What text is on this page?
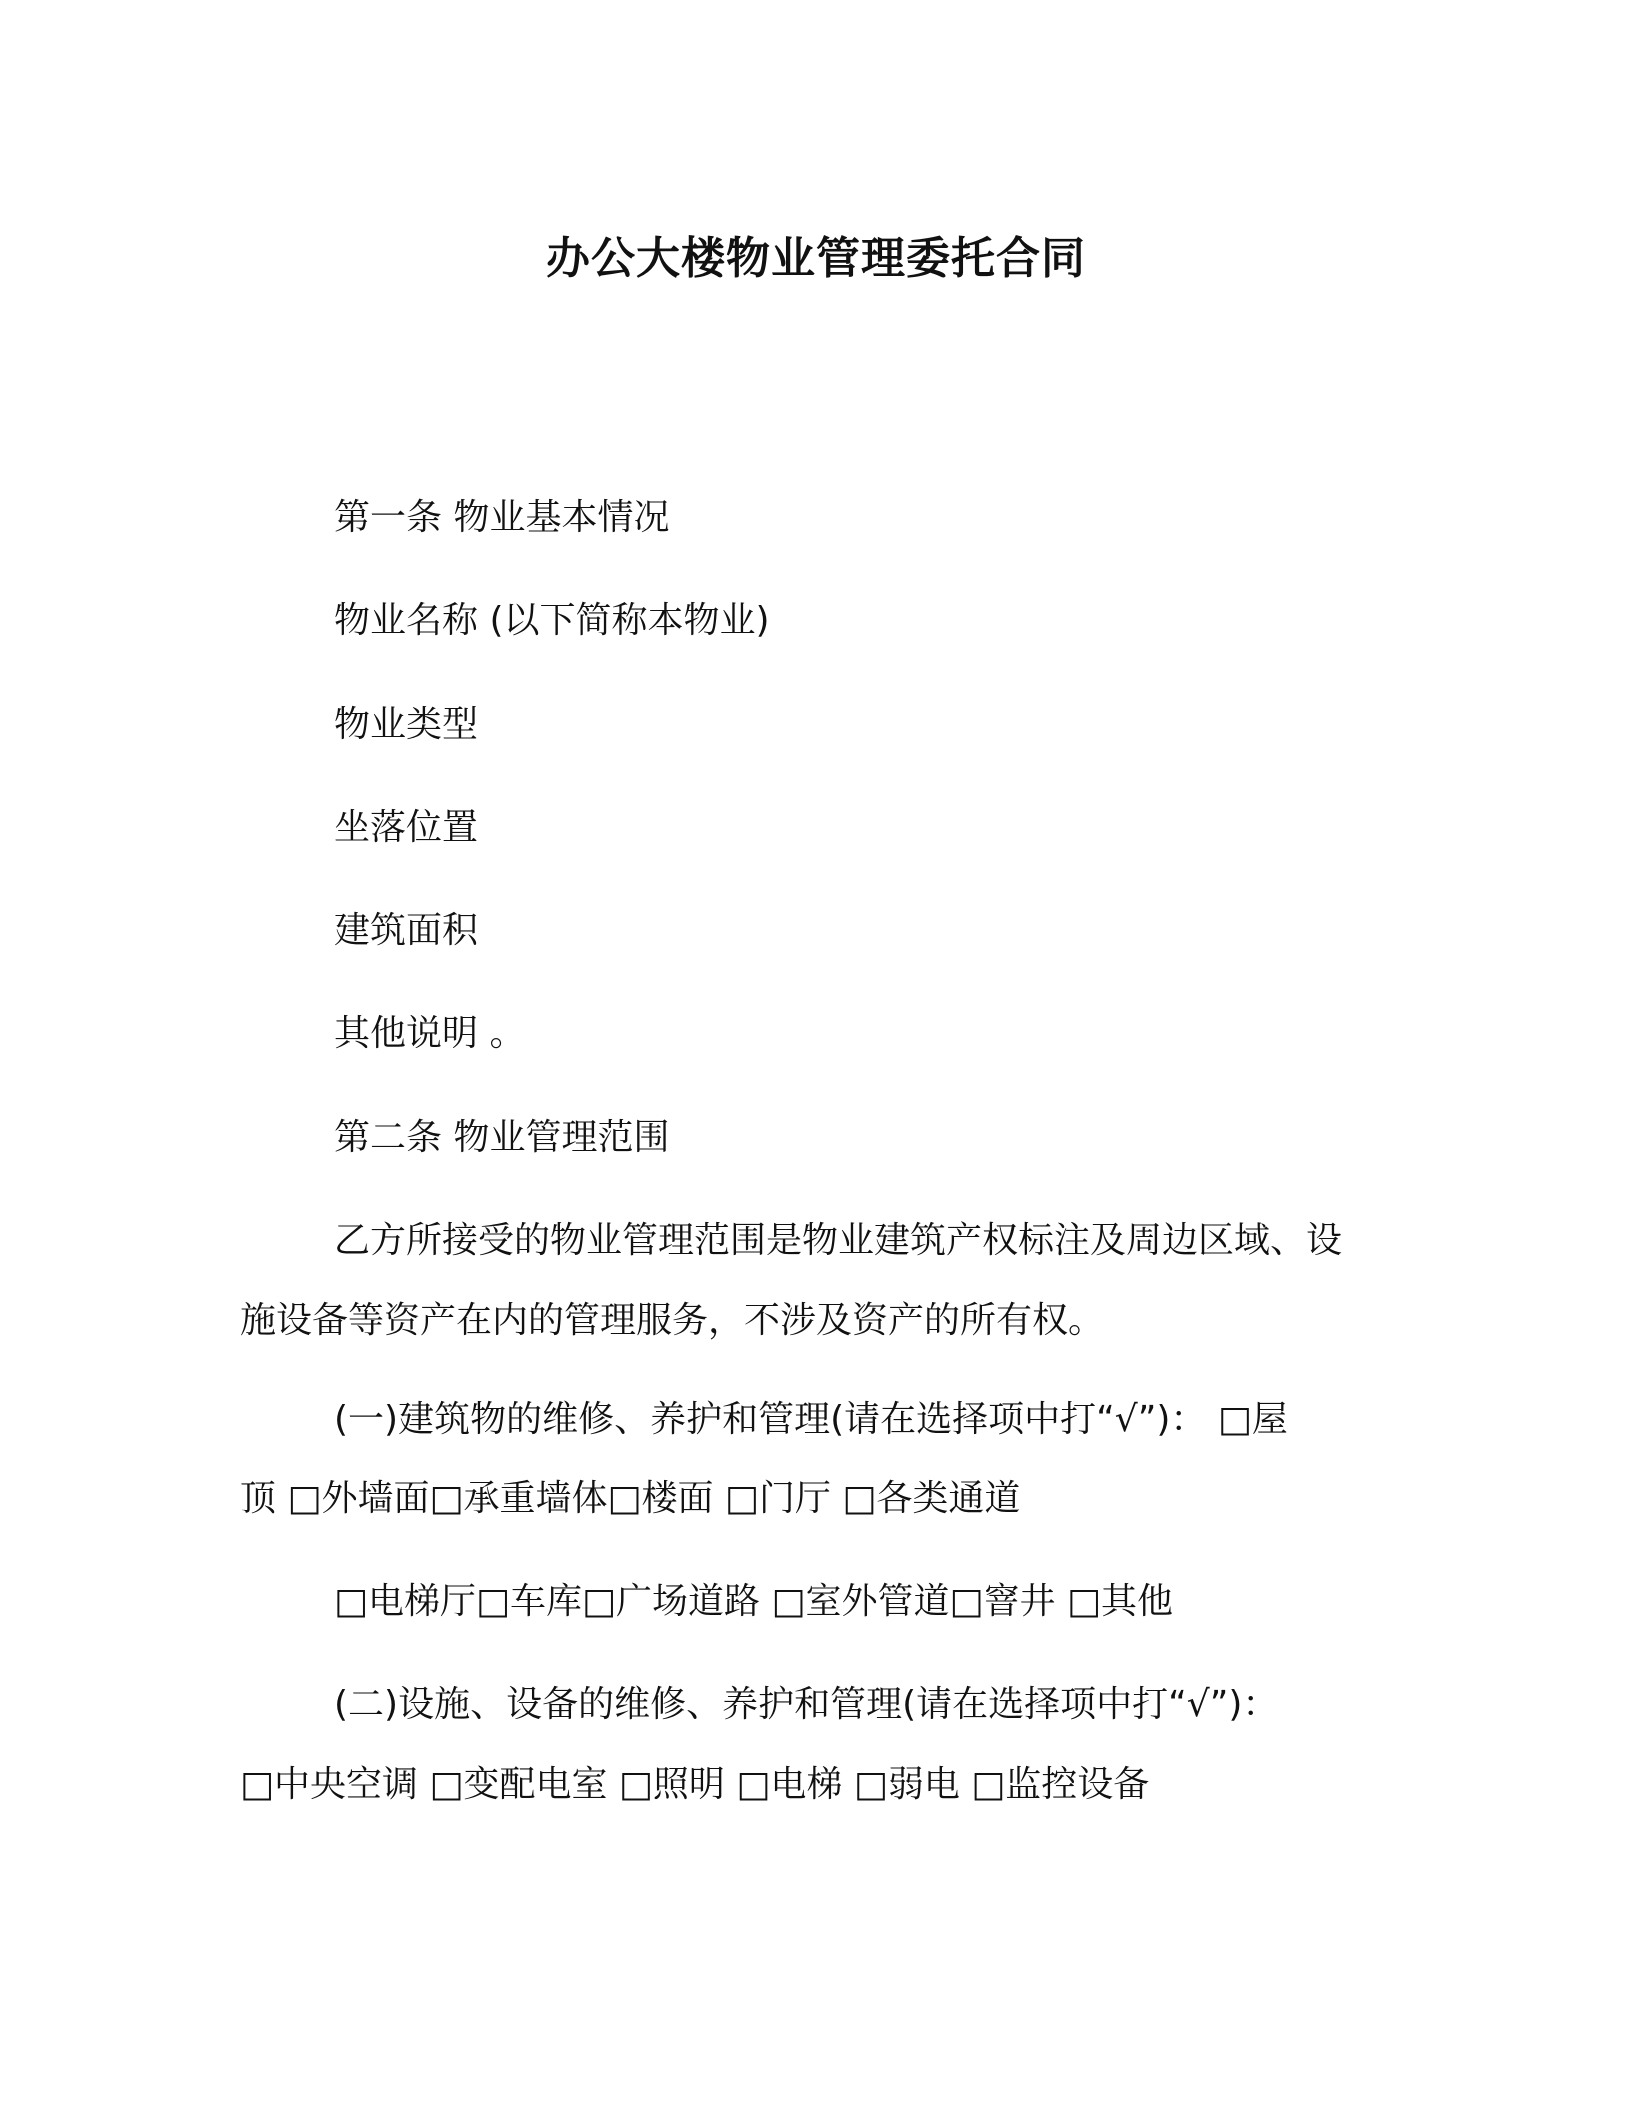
办公大楼物业管理委托合同
第一条 物业基本情况
物业名称 (以下简称本物业)
物业类型
坐落位置
建筑面积
其他说明 。
第二条 物业管理范围
乙方所接受的物业管理范围是物业建筑产权标注及周边区域、设
施设备等资产在内的管理服务，不涉及资产的所有权。
(一)建筑物的维修、养护和管理(请在选择项中打“√”)： □屋
顶 □外墙面□承重墙体□楼面 □门厅 □各类通道
□电梯厅□车库□广场道路 □室外管道□窨井 □其他
(二)设施、设备的维修、养护和管理(请在选择项中打“√”)：
□中央空调 □变配电室 □照明 □电梯 □弱电 □监控设备
